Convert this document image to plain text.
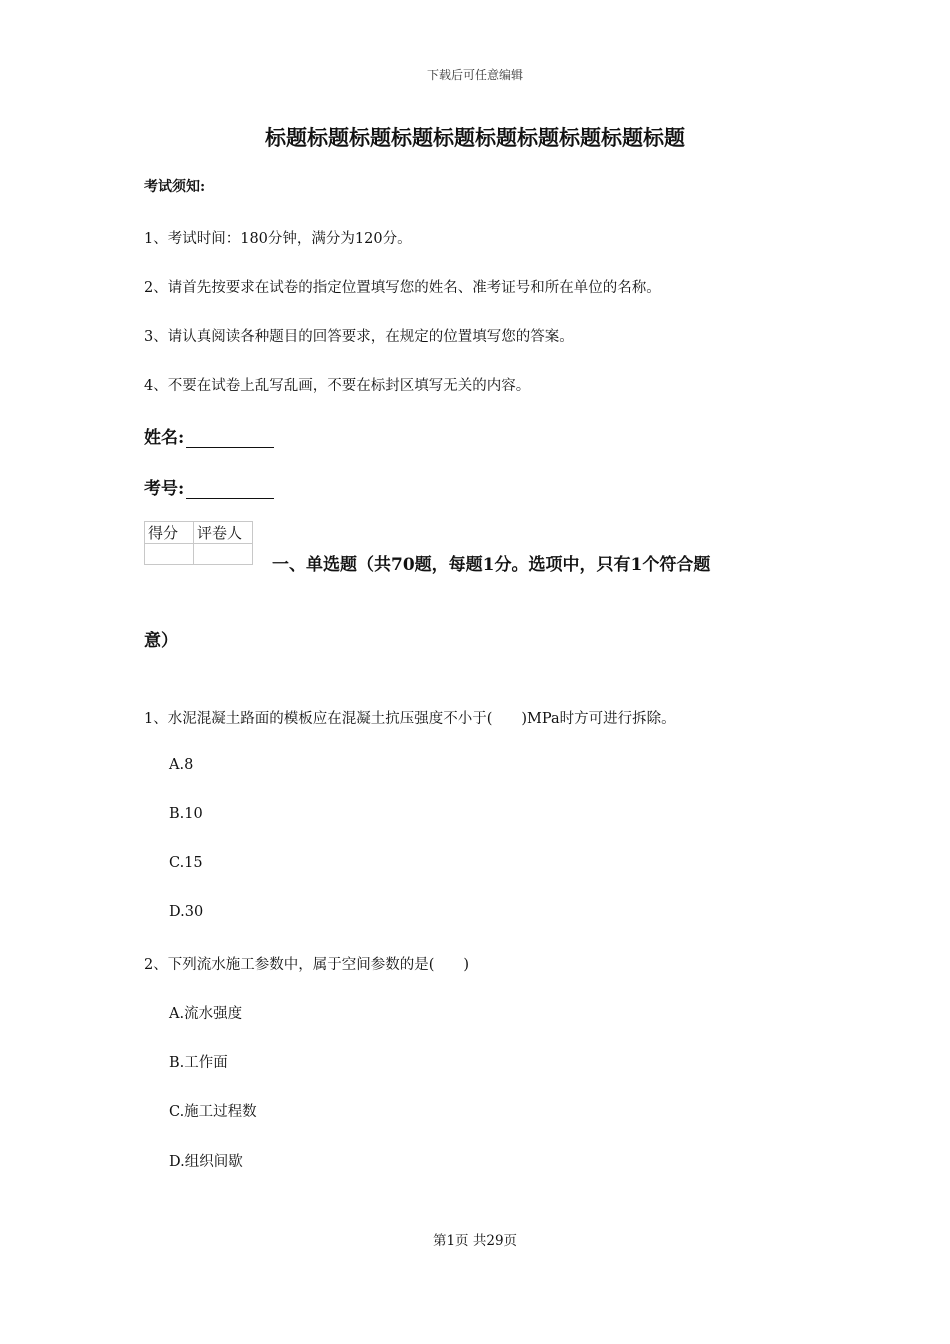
下载后可任意编辑
标题标题标题标题标题标题标题标题标题标题
考试须知:
1、考试时间：180分钟，满分为120分。
2、请首先按要求在试卷的指定位置填写您的姓名、准考证号和所在单位的名称。
3、请认真阅读各种题目的回答要求，在规定的位置填写您的答案。
4、不要在试卷上乱写乱画，不要在标封区填写无关的内容。
姓名:
考号:
得分	评卷人

一、单选题（共70题，每题1分。选项中，只有1个符合题
意）
1、水泥混凝土路面的模板应在混凝土抗压强度不小于(　　)MPa时方可进行拆除。
A.8
B.10
C.15
D.30
2、下列流水施工参数中，属于空间参数的是(　　)
A.流水强度
B.工作面
C.施工过程数
D.组织间歇
第1页 共29页
